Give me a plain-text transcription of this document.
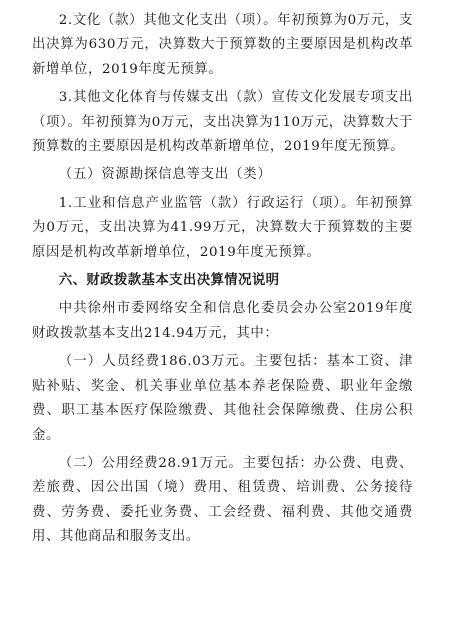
2.文化（款）其他文化支出（项）。年初预算为0万元，支出决算为630万元，决算数大于预算数的主要原因是机构改革新增单位，2019年度无预算。

3.其他文化体育与传媒支出（款）宣传文化发展专项支出（项）。年初预算为0万元，支出决算为110万元，决算数大于预算数的主要原因是机构改革新增单位，2019年度无预算。

（五）资源勘探信息等支出（类）

1.工业和信息产业监管（款）行政运行（项）。年初预算为0万元，支出决算为41.99万元，决算数大于预算数的主要原因是机构改革新增单位，2019年度无预算。

六、财政拨款基本支出决算情况说明

中共徐州市委网络安全和信息化委员会办公室2019年度财政拨款基本支出214.94万元，其中：

（一）人员经费186.03万元。主要包括：基本工资、津贴补贴、奖金、机关事业单位基本养老保险费、职业年金缴费、职工基本医疗保险缴费、其他社会保障缴费、住房公积金。

（二）公用经费28.91万元。主要包括：办公费、电费、差旅费、因公出国（境）费用、租赁费、培训费、公务接待费、劳务费、委托业务费、工会经费、福利费、其他交通费用、其他商品和服务支出。
